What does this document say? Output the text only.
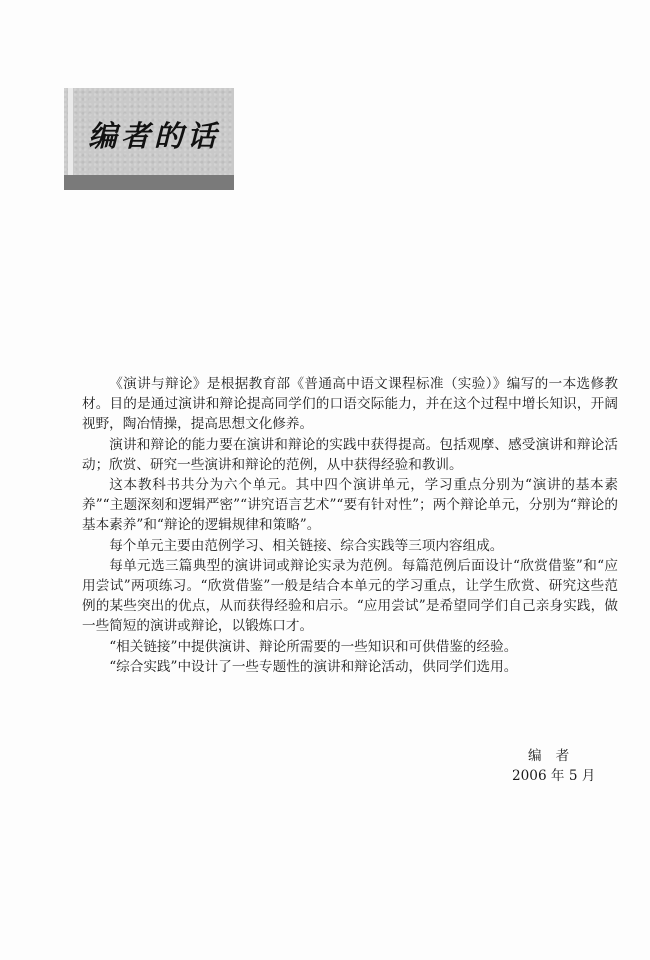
编者的话

《演讲与辩论》是根据教育部《普通高中语文课程标准（实验）》编写的一本选修教材。目的是通过演讲和辩论提高同学们的口语交际能力，并在这个过程中增长知识，开阔视野，陶冶情操，提高思想文化修养。

演讲和辩论的能力要在演讲和辩论的实践中获得提高。包括观摩、感受演讲和辩论活动；欣赏、研究一些演讲和辩论的范例，从中获得经验和教训。

这本教科书共分为六个单元。其中四个演讲单元，学习重点分别为“演讲的基本素养”“主题深刻和逻辑严密”“讲究语言艺术”“要有针对性”；两个辩论单元，分别为“辩论的基本素养”和“辩论的逻辑规律和策略”。

每个单元主要由范例学习、相关链接、综合实践等三项内容组成。

每单元选三篇典型的演讲词或辩论实录为范例。每篇范例后面设计“欣赏借鉴”和“应用尝试”两项练习。“欣赏借鉴”一般是结合本单元的学习重点，让学生欣赏、研究这些范例的某些突出的优点，从而获得经验和启示。“应用尝试”是希望同学们自己亲身实践，做一些简短的演讲或辩论，以锻炼口才。

“相关链接”中提供演讲、辩论所需要的一些知识和可供借鉴的经验。

“综合实践”中设计了一些专题性的演讲和辩论活动，供同学们选用。

编者
2006 年 5 月
